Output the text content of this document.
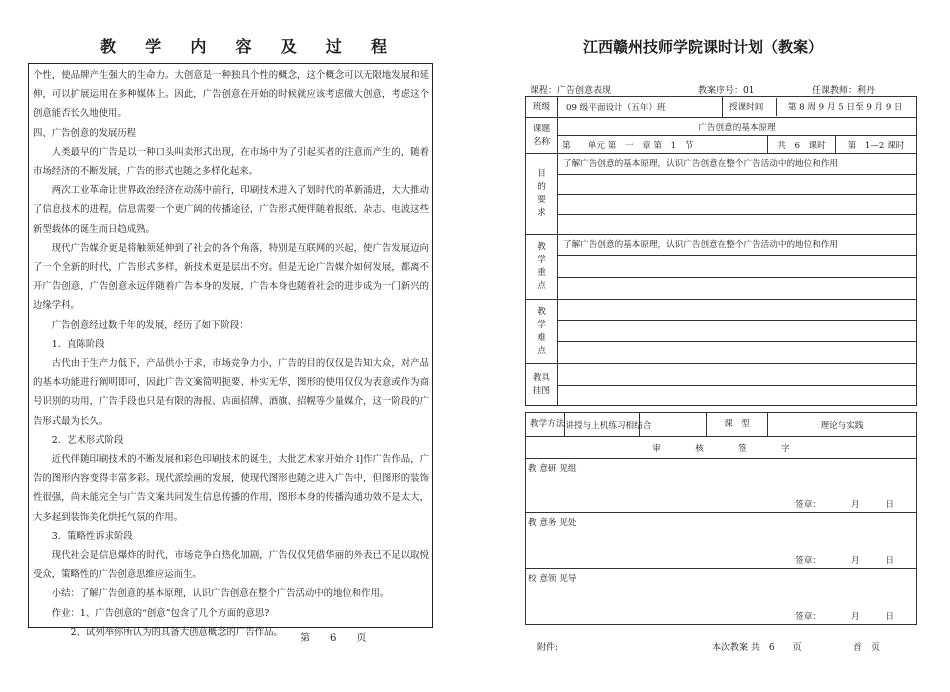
教 学 内 容 及 过 程

个性，使品牌产生强大的生命力。大创意是一种独具个性的概念，这个概念可以无限地发展和延伸，可以扩展运用在多种媒体上。因此，广告创意在开始的时候就应该考虑做大创意，考虑这个创意能否长久地使用。

四、广告创意的发展历程

人类最早的广告是以一种口头叫卖形式出现，在市场中为了引起买者的注意而产生的，随着市场经济的不断发展，广告的形式也随之多样化起来。

两次工业革命让世界政治经济在动荡中前行，印刷技术进入了划时代的革新涌进，大大推动了信息技术的进程，信息需要一个更广阔的传播途径，广告形式便伴随着报纸、杂志、电波这些新型载体的诞生而日趋成熟。

现代广告媒介更是将触须延伸到了社会的各个角落，特别是互联网的兴起，使广告发展迈向了一个全新的时代，广告形式多样，新技术更是层出不穷。但是无论广告媒介如何发展，都离不开广告创意，广告创意永远伴随着广告本身的发展，广告本身也随着社会的进步成为一门新兴的边缘学科。

广告创意经过数千年的发展，经历了如下阶段：

1．直陈阶段

古代由于生产力低下，产品供小于求，市场竞争力小，广告的目的仅仅是告知大众，对产品的基本功能进行阐明即可，因此广告文案简明扼要、朴实无华，图形的使用仅仅为表意或作为商号识别的功用，广告手段也只是有限的海报、店面招牌、酒旗、招幌等少量媒介，这一阶段的广告形式最为长久。

2．艺术形式阶段

近代伴随印刷技术的不断发展和彩色印刷技术的诞生，大批艺术家开始介 l]作广告作品，广告的图形内容变得丰富多彩。现代派绘画的发展，使现代图形也随之进入广告中，但图形的装饰性很强，尚未能完全与广告文案共同发生信息传播的作用，图形本身的传播沟通功效不是太大，大多起到装饰美化烘托气氛的作用。

3．策略性诉求阶段

现代社会是信息爆炸的时代，市场竞争白热化加剧，广告仅仅凭借华丽的外表已不足以取悦受众，策略性的广告创意思维应运而生。

小结：了解广告创意的基本原理，认识广告创意在整个广告活动中的地位和作用。

作业：1、广告创意的“创意”包含了几个方面的意思?

2、试列举你所认为的具备大创意概念的广告作品。

第　　6　　页
江西赣州技师学院课时计划（教案）
课程：广告创意表现	教案序号：01	任课教师：利丹
班级	09 级平面设计（五年）班		授课时间 第 8 周 9 月 5 日至 9 月 9 日		

课题名称	广告创意的基本原理				
	第　　单元 第　一　章 第　1　节			共　6　课时	第　1—2 课时

目的要求	了解广告创意的基本原理，认识广告创意在整个广告活动中的地位和作用				

教学重点	了解广告创意的基本原理，认识广告创意在整个广告活动中的地位和作用				

教学难点					

教具挂图					

教学方法 讲授与上机练习相结合		课　型		理论与实践	
审　　　　核　　　　签　　　　字					

教 意研 见组
签章：　　　　月　　　日					

教 意务 见处
签章：　　　　月　　　日					

校 意领 见导
签章：　　　　月　　　日					
附件:	本次教案 共　6　　页	首　页
